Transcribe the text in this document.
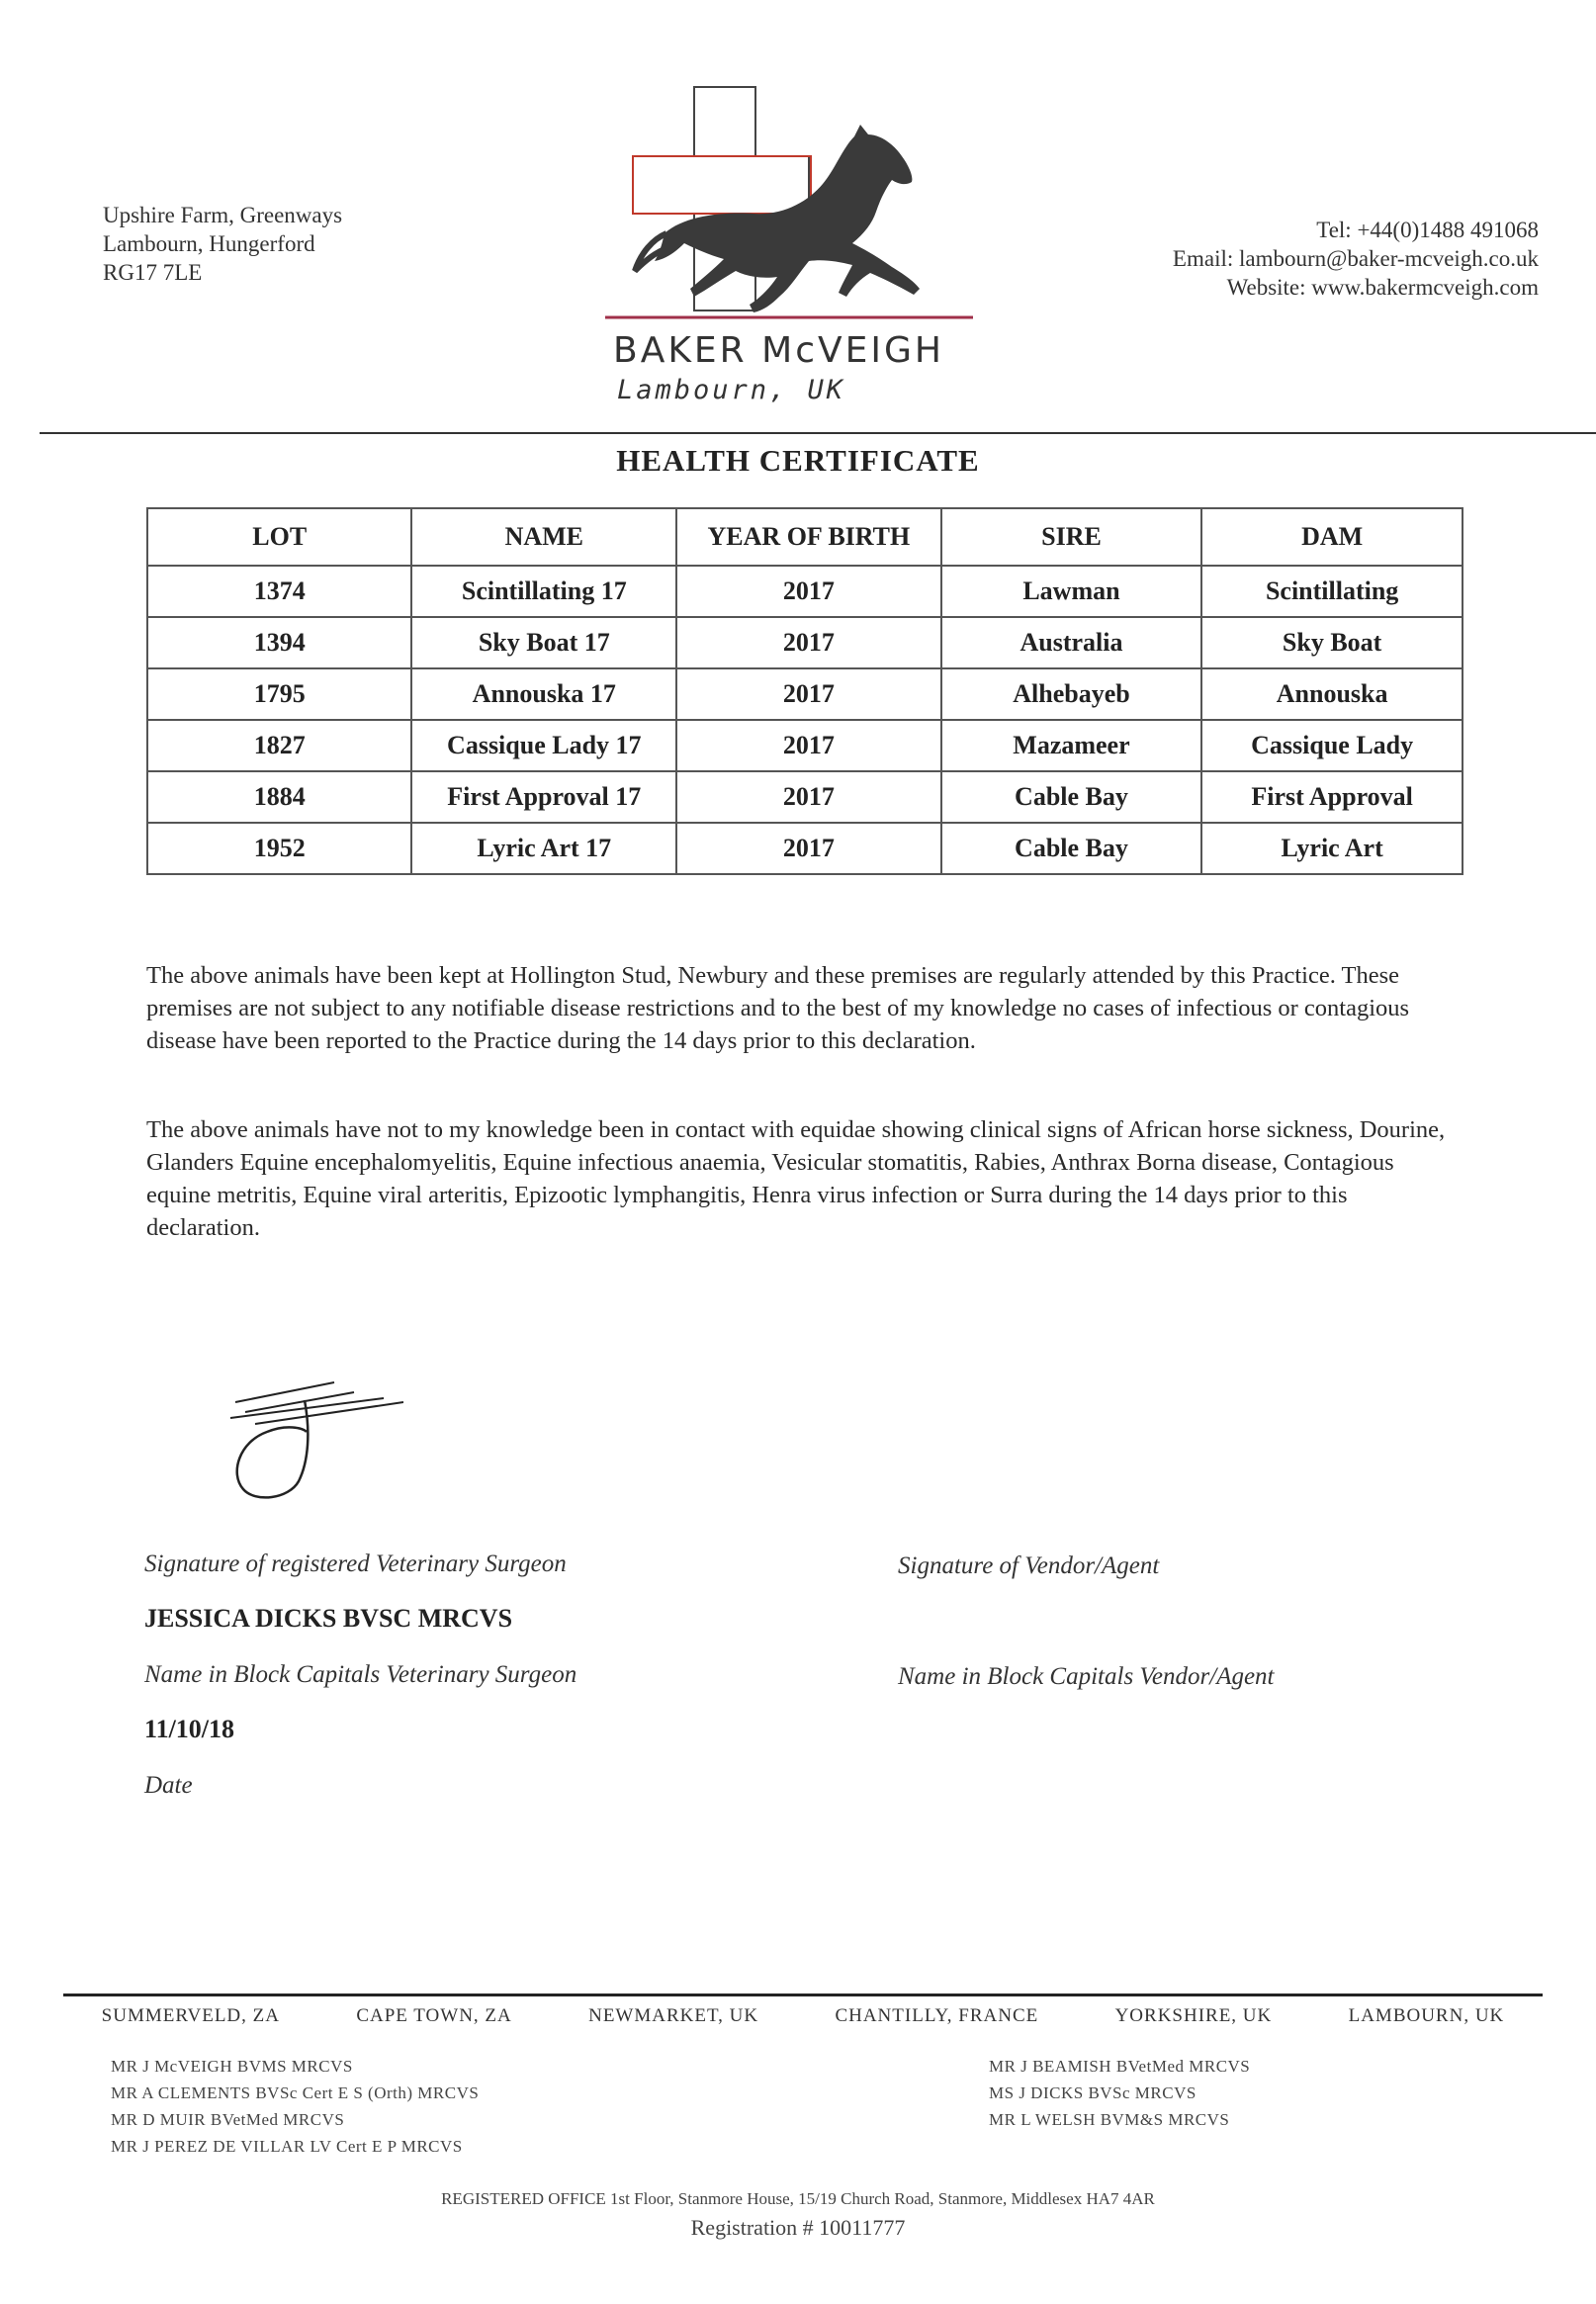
Upshire Farm, Greenways
Lambourn, Hungerford
RG17 7LE
BAKER McVEIGH
Lambourn, UK
Tel: +44(0)1488 491068
Email: lambourn@baker-mcveigh.co.uk
Website: www.bakermcveigh.com
HEALTH CERTIFICATE
LOT	NAME	YEAR OF BIRTH	SIRE	DAM
1374	Scintillating 17	2017	Lawman	Scintillating
1394	Sky Boat 17	2017	Australia	Sky Boat
1795	Annouska 17	2017	Alhebayeb	Annouska
1827	Cassique Lady 17	2017	Mazameer	Cassique Lady
1884	First Approval 17	2017	Cable Bay	First Approval
1952	Lyric Art 17	2017	Cable Bay	Lyric Art
The above animals have been kept at Hollington Stud, Newbury and these premises are regularly attended by this Practice. These premises are not subject to any notifiable disease restrictions and to the best of my knowledge no cases of infectious or contagious disease have been reported to the Practice during the 14 days prior to this declaration.
The above animals have not to my knowledge been in contact with equidae showing clinical signs of African horse sickness, Dourine, Glanders Equine encephalomyelitis, Equine infectious anaemia, Vesicular stomatitis, Rabies, Anthrax Borna disease, Contagious equine metritis, Equine viral arteritis, Epizootic lymphangitis, Henra virus infection or Surra during the 14 days prior to this declaration.
Signature of registered Veterinary Surgeon	Signature of Vendor/Agent
JESSICA DICKS BVSC MRCVS
Name in Block Capitals Veterinary Surgeon	Name in Block Capitals Vendor/Agent
11/10/18
Date
SUMMERVELD, ZA	CAPE TOWN, ZA	NEWMARKET, UK	CHANTILLY, FRANCE	YORKSHIRE, UK	LAMBOURN, UK
MR J McVEIGH BVMS MRCVS
MR A CLEMENTS BVSc Cert E S (Orth) MRCVS
MR D MUIR BVetMed MRCVS
MR J PEREZ DE VILLAR LV Cert E P MRCVS
MR J BEAMISH BVetMed MRCVS
MS J DICKS BVSc MRCVS
MR L WELSH BVM&S MRCVS
REGISTERED OFFICE 1st Floor, Stanmore House, 15/19 Church Road, Stanmore, Middlesex HA7 4AR
Registration # 10011777
